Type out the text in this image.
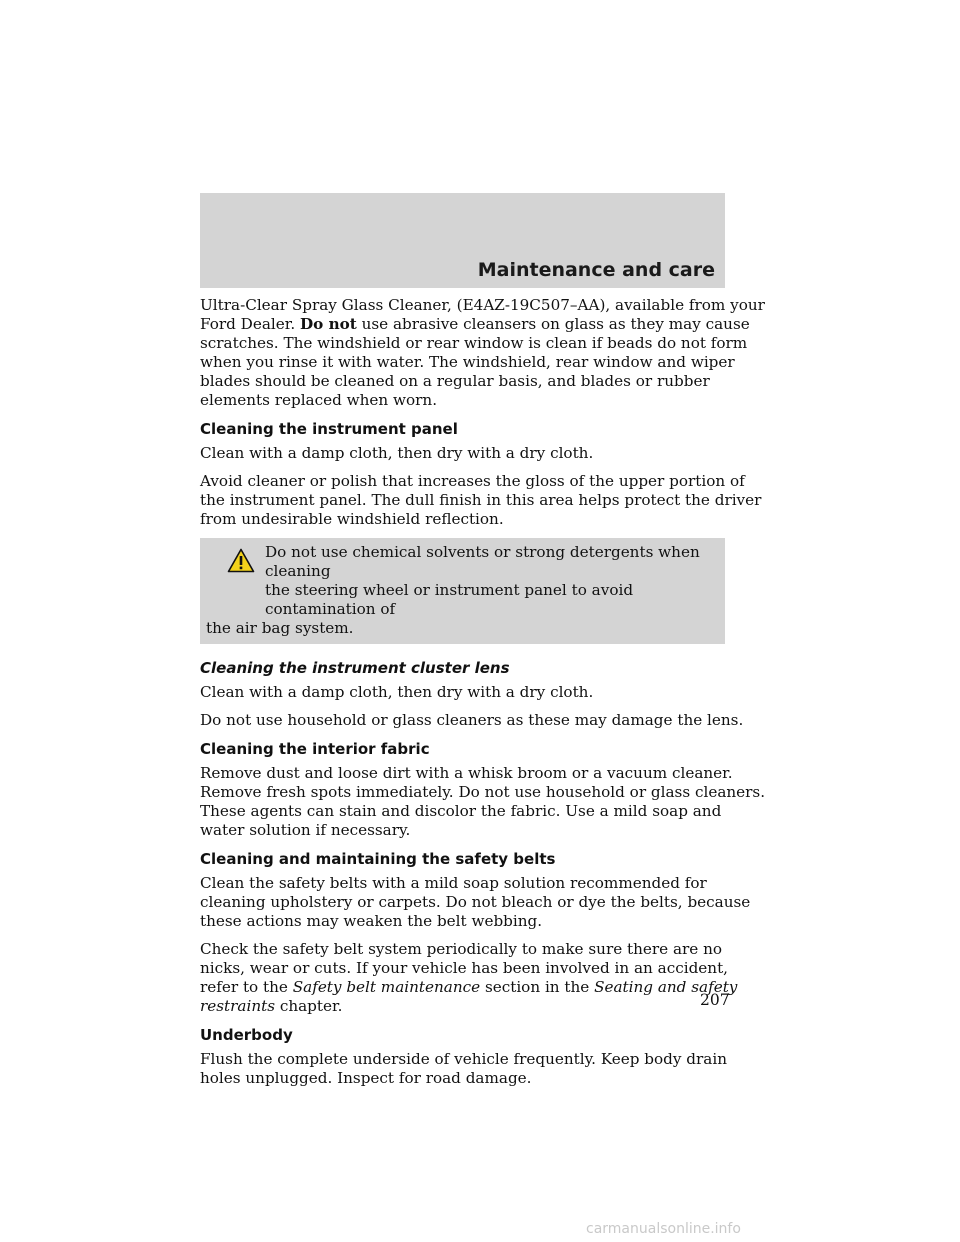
Maintenance and care

Ultra-Clear Spray Glass Cleaner, (E4AZ-19C507–AA), available from your
Ford Dealer. Do not use abrasive cleansers on glass as they may cause
scratches. The windshield or rear window is clean if beads do not form
when you rinse it with water. The windshield, rear window and wiper
blades should be cleaned on a regular basis, and blades or rubber
elements replaced when worn.

Cleaning the instrument panel

Clean with a damp cloth, then dry with a dry cloth.

Avoid cleaner or polish that increases the gloss of the upper portion of
the instrument panel. The dull finish in this area helps protect the driver
from undesirable windshield reflection.

Do not use chemical solvents or strong detergents when cleaning
the steering wheel or instrument panel to avoid contamination of
the air bag system.
Cleaning the instrument cluster lens

Clean with a damp cloth, then dry with a dry cloth.

Do not use household or glass cleaners as these may damage the lens.

Cleaning the interior fabric

Remove dust and loose dirt with a whisk broom or a vacuum cleaner.
Remove fresh spots immediately. Do not use household or glass cleaners.
These agents can stain and discolor the fabric. Use a mild soap and
water solution if necessary.

Cleaning and maintaining the safety belts

Clean the safety belts with a mild soap solution recommended for
cleaning upholstery or carpets. Do not bleach or dye the belts, because
these actions may weaken the belt webbing.

Check the safety belt system periodically to make sure there are no
nicks, wear or cuts. If your vehicle has been involved in an accident,
refer to the Safety belt maintenance section in the Seating and safety
restraints chapter.

Underbody

Flush the complete underside of vehicle frequently. Keep body drain
holes unplugged. Inspect for road damage.

207
carmanualsonline.info
